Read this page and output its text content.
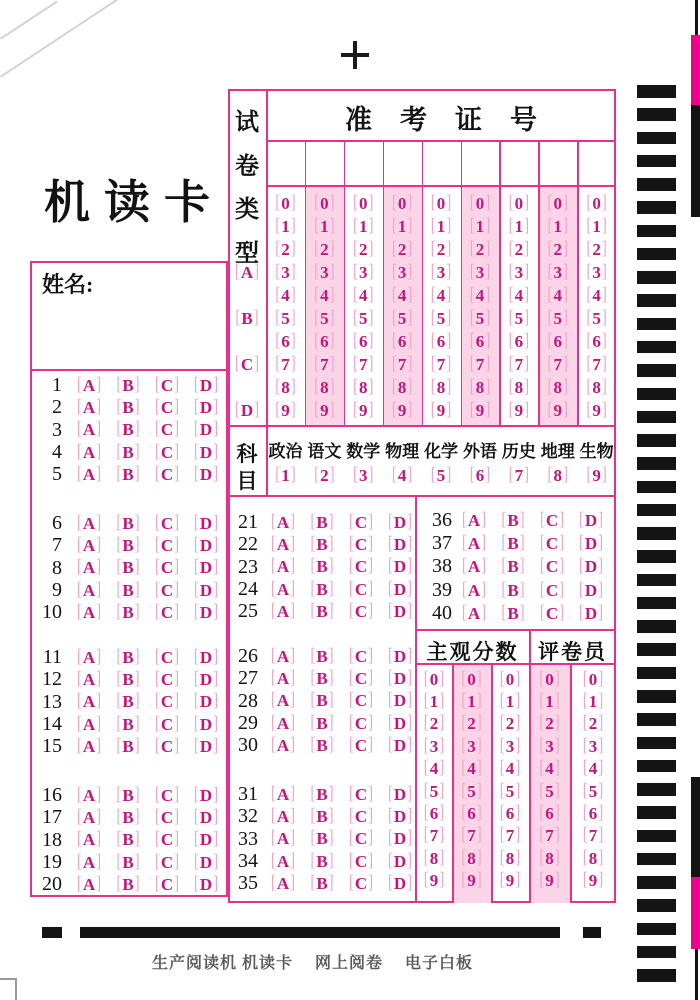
机读卡
姓名:
[ 0 ]
[ 1 ]
[ 2 ]
[ 3 ]
[ 4 ]
[ 5 ]
[ 6 ]
[ 7 ]
[ 8 ]
[ 9 ]
[ 0 ]
[ 1 ]
[ 2 ]
[ 3 ]
[ 4 ]
[ 5 ]
[ 6 ]
[ 7 ]
[ 8 ]
[ 9 ]
[ 0 ]
[ 1 ]
[ 2 ]
[ 3 ]
[ 4 ]
[ 5 ]
[ 6 ]
[ 7 ]
[ 8 ]
[ 9 ]
[ 0 ]
[ 1 ]
[ 2 ]
[ 3 ]
[ 4 ]
[ 5 ]
[ 6 ]
[ 7 ]
[ 8 ]
[ 9 ]
[ 0 ]
[ 1 ]
[ 2 ]
[ 3 ]
[ 4 ]
[ 5 ]
[ 6 ]
[ 7 ]
[ 8 ]
[ 9 ]
[ 0 ]
[ 1 ]
[ 2 ]
[ 3 ]
[ 4 ]
[ 5 ]
[ 6 ]
[ 7 ]
[ 8 ]
[ 9 ]
[ 0 ]
[ 1 ]
[ 2 ]
[ 3 ]
[ 4 ]
[ 5 ]
[ 6 ]
[ 7 ]
[ 8 ]
[ 9 ]
[ 0 ]
[ 1 ]
[ 2 ]
[ 3 ]
[ 4 ]
[ 5 ]
[ 6 ]
[ 7 ]
[ 8 ]
[ 9 ]
[ 0 ]
[ 1 ]
[ 2 ]
[ 3 ]
[ 4 ]
[ 5 ]
[ 6 ]
[ 7 ]
[ 8 ]
[ 9 ]
试
卷
类
型
[ A ]
[ B ]
[ C ]
[ D ]
科
目
政治
[ 1 ]
语文
[ 2 ]
数学
[ 3 ]
物理
[ 4 ]
化学
[ 5 ]
外语
[ 6 ]
历史
[ 7 ]
地理
[ 8 ]
生物
[ 9 ]
1 [ A ] [ B ] [ C ] [ D ]
2 [ A ] [ B ] [ C ] [ D ]
3 [ A ] [ B ] [ C ] [ D ]
4 [ A ] [ B ] [ C ] [ D ]
5 [ A ] [ B ] [ C ] [ D ]
6 [ A ] [ B ] [ C ] [ D ]
7 [ A ] [ B ] [ C ] [ D ]
8 [ A ] [ B ] [ C ] [ D ]
9 [ A ] [ B ] [ C ] [ D ]
10 [ A ] [ B ] [ C ] [ D ]
11 [ A ] [ B ] [ C ] [ D ]
12 [ A ] [ B ] [ C ] [ D ]
13 [ A ] [ B ] [ C ] [ D ]
14 [ A ] [ B ] [ C ] [ D ]
15 [ A ] [ B ] [ C ] [ D ]
16 [ A ] [ B ] [ C ] [ D ]
17 [ A ] [ B ] [ C ] [ D ]
18 [ A ] [ B ] [ C ] [ D ]
19 [ A ] [ B ] [ C ] [ D ]
20 [ A ] [ B ] [ C ] [ D ]
21 [ A ] [ B ] [ C ] [ D ]
22 [ A ] [ B ] [ C ] [ D ]
23 [ A ] [ B ] [ C ] [ D ]
24 [ A ] [ B ] [ C ] [ D ]
25 [ A ] [ B ] [ C ] [ D ]
26 [ A ] [ B ] [ C ] [ D ]
27 [ A ] [ B ] [ C ] [ D ]
28 [ A ] [ B ] [ C ] [ D ]
29 [ A ] [ B ] [ C ] [ D ]
30 [ A ] [ B ] [ C ] [ D ]
31 [ A ] [ B ] [ C ] [ D ]
32 [ A ] [ B ] [ C ] [ D ]
33 [ A ] [ B ] [ C ] [ D ]
34 [ A ] [ B ] [ C ] [ D ]
35 [ A ] [ B ] [ C ] [ D ]
36 [ A ] [ B ] [ C ] [ D ]
37 [ A ] [ B ] [ C ] [ D ]
38 [ A ] [ B ] [ C ] [ D ]
39 [ A ] [ B ] [ C ] [ D ]
40 [ A ] [ B ] [ C ] [ D ]
[ 0 ]
[ 1 ]
[ 2 ]
[ 3 ]
[ 4 ]
[ 5 ]
[ 6 ]
[ 7 ]
[ 8 ]
[ 9 ]
[ 0 ]
[ 1 ]
[ 2 ]
[ 3 ]
[ 4 ]
[ 5 ]
[ 6 ]
[ 7 ]
[ 8 ]
[ 9 ]
[ 0 ]
[ 1 ]
[ 2 ]
[ 3 ]
[ 4 ]
[ 5 ]
[ 6 ]
[ 7 ]
[ 8 ]
[ 9 ]
[ 0 ]
[ 1 ]
[ 2 ]
[ 3 ]
[ 4 ]
[ 5 ]
[ 6 ]
[ 7 ]
[ 8 ]
[ 9 ]
[ 0 ]
[ 1 ]
[ 2 ]
[ 3 ]
[ 4 ]
[ 5 ]
[ 6 ]
[ 7 ]
[ 8 ]
[ 9 ]
准考证号
主观分数 评卷员
生产阅读机 机读卡　 网上阅卷　 电子白板
